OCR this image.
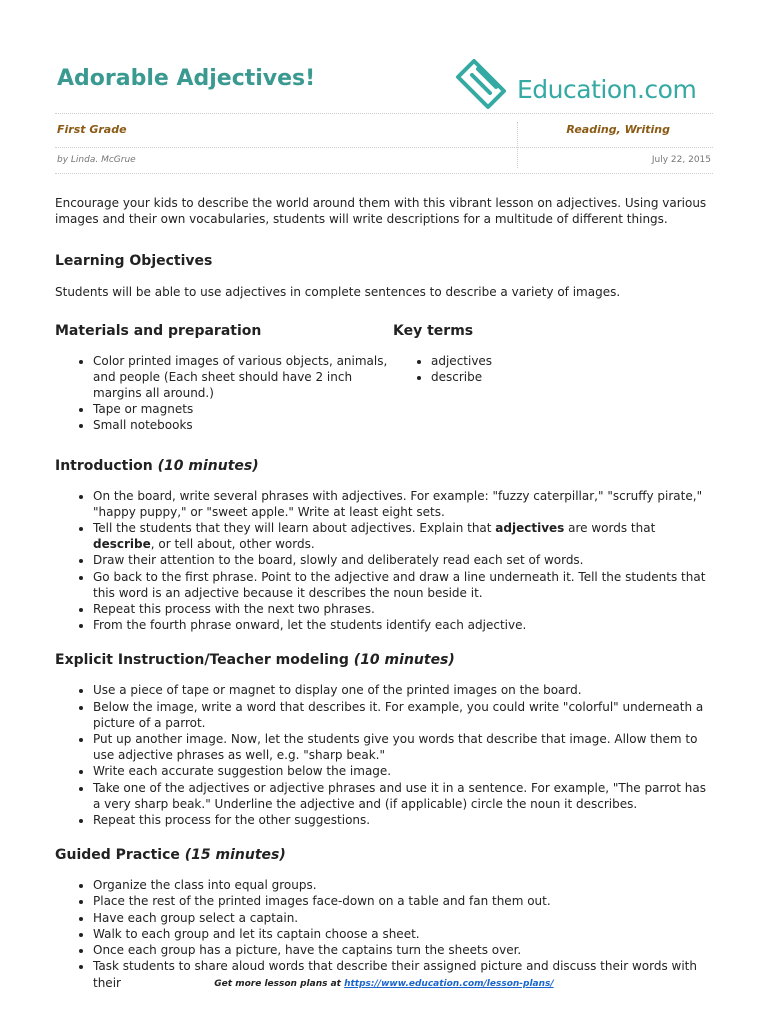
Adorable Adjectives!	Education.com
First Grade	Reading, Writing
by Linda. McGrue	July 22, 2015

Encourage your kids to describe the world around them with this vibrant lesson on adjectives. Using various images and their own vocabularies, students will write descriptions for a multitude of different things.

Learning Objectives

Students will be able to use adjectives in complete sentences to describe a variety of images.

Materials and preparation
• Color printed images of various objects, animals, and people (Each sheet should have 2 inch margins all around.)
• Tape or magnets
• Small notebooks
Key terms
• adjectives
• describe
Introduction (10 minutes)
• On the board, write several phrases with adjectives. For example: "fuzzy caterpillar," "scruffy pirate," "happy puppy," or "sweet apple." Write at least eight sets.
• Tell the students that they will learn about adjectives. Explain that adjectives are words that describe, or tell about, other words.
• Draw their attention to the board, slowly and deliberately read each set of words.
• Go back to the first phrase. Point to the adjective and draw a line underneath it. Tell the students that this word is an adjective because it describes the noun beside it.
• Repeat this process with the next two phrases.
• From the fourth phrase onward, let the students identify each adjective.
Explicit Instruction/Teacher modeling (10 minutes)
• Use a piece of tape or magnet to display one of the printed images on the board.
• Below the image, write a word that describes it. For example, you could write "colorful" underneath a picture of a parrot.
• Put up another image. Now, let the students give you words that describe that image. Allow them to use adjective phrases as well, e.g. "sharp beak."
• Write each accurate suggestion below the image.
• Take one of the adjectives or adjective phrases and use it in a sentence. For example, "The parrot has a very sharp beak." Underline the adjective and (if applicable) circle the noun it describes.
• Repeat this process for the other suggestions.
Guided Practice (15 minutes)
• Organize the class into equal groups.
• Place the rest of the printed images face-down on a table and fan them out.
• Have each group select a captain.
• Walk to each group and let its captain choose a sheet.
• Once each group has a picture, have the captains turn the sheets over.
• Task students to share aloud words that describe their assigned picture and discuss their words with their	Get more lesson plans at https://www.education.com/lesson-plans/
